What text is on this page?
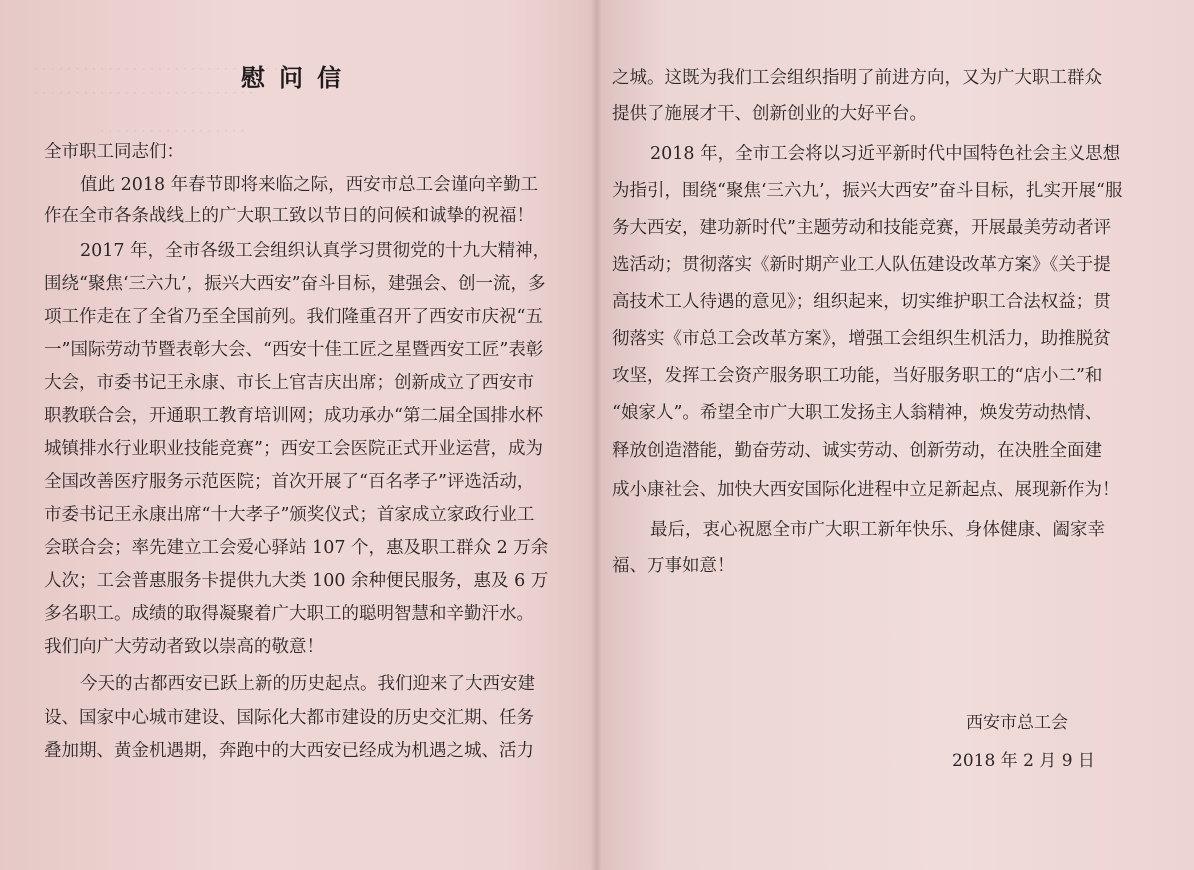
· · · · · · · · · · · · · · · · · · · · · · · · · · · · · · ·
· · · · · · · · · · · · · · · · · · · · · · · · · · ·
· · · · · · · · · · · · · · · · · ·
慰问信
全市职工同志们：
值此 2018 年春节即将来临之际，西安市总工会谨向辛勤工
作在全市各条战线上的广大职工致以节日的问候和诚挚的祝福！
2017 年，全市各级工会组织认真学习贯彻党的十九大精神，
围绕“聚焦‘三六九’，振兴大西安”奋斗目标，建强会、创一流，多
项工作走在了全省乃至全国前列。我们隆重召开了西安市庆祝“五
一”国际劳动节暨表彰大会、“西安十佳工匠之星暨西安工匠”表彰
大会，市委书记王永康、市长上官吉庆出席；创新成立了西安市
职教联合会，开通职工教育培训网；成功承办“第二届全国排水杯
城镇排水行业职业技能竞赛”；西安工会医院正式开业运营，成为
全国改善医疗服务示范医院；首次开展了“百名孝子”评选活动，
市委书记王永康出席“十大孝子”颁奖仪式；首家成立家政行业工
会联合会；率先建立工会爱心驿站 107 个，惠及职工群众 2 万余
人次；工会普惠服务卡提供九大类 100 余种便民服务，惠及 6 万
多名职工。成绩的取得凝聚着广大职工的聪明智慧和辛勤汗水。
我们向广大劳动者致以崇高的敬意！
今天的古都西安已跃上新的历史起点。我们迎来了大西安建
设、国家中心城市建设、国际化大都市建设的历史交汇期、任务
叠加期、黄金机遇期，奔跑中的大西安已经成为机遇之城、活力
之城。这既为我们工会组织指明了前进方向，又为广大职工群众
提供了施展才干、创新创业的大好平台。
2018 年，全市工会将以习近平新时代中国特色社会主义思想
为指引，围绕“聚焦‘三六九’，振兴大西安”奋斗目标，扎实开展“服
务大西安，建功新时代”主题劳动和技能竞赛，开展最美劳动者评
选活动；贯彻落实《新时期产业工人队伍建设改革方案》《关于提
高技术工人待遇的意见》；组织起来，切实维护职工合法权益；贯
彻落实《市总工会改革方案》，增强工会组织生机活力，助推脱贫
攻坚，发挥工会资产服务职工功能，当好服务职工的“店小二”和
“娘家人”。希望全市广大职工发扬主人翁精神，焕发劳动热情、
释放创造潜能，勤奋劳动、诚实劳动、创新劳动，在决胜全面建
成小康社会、加快大西安国际化进程中立足新起点、展现新作为！
最后，衷心祝愿全市广大职工新年快乐、身体健康、阖家幸
福、万事如意！
西安市总工会
2018 年 2 月 9 日
